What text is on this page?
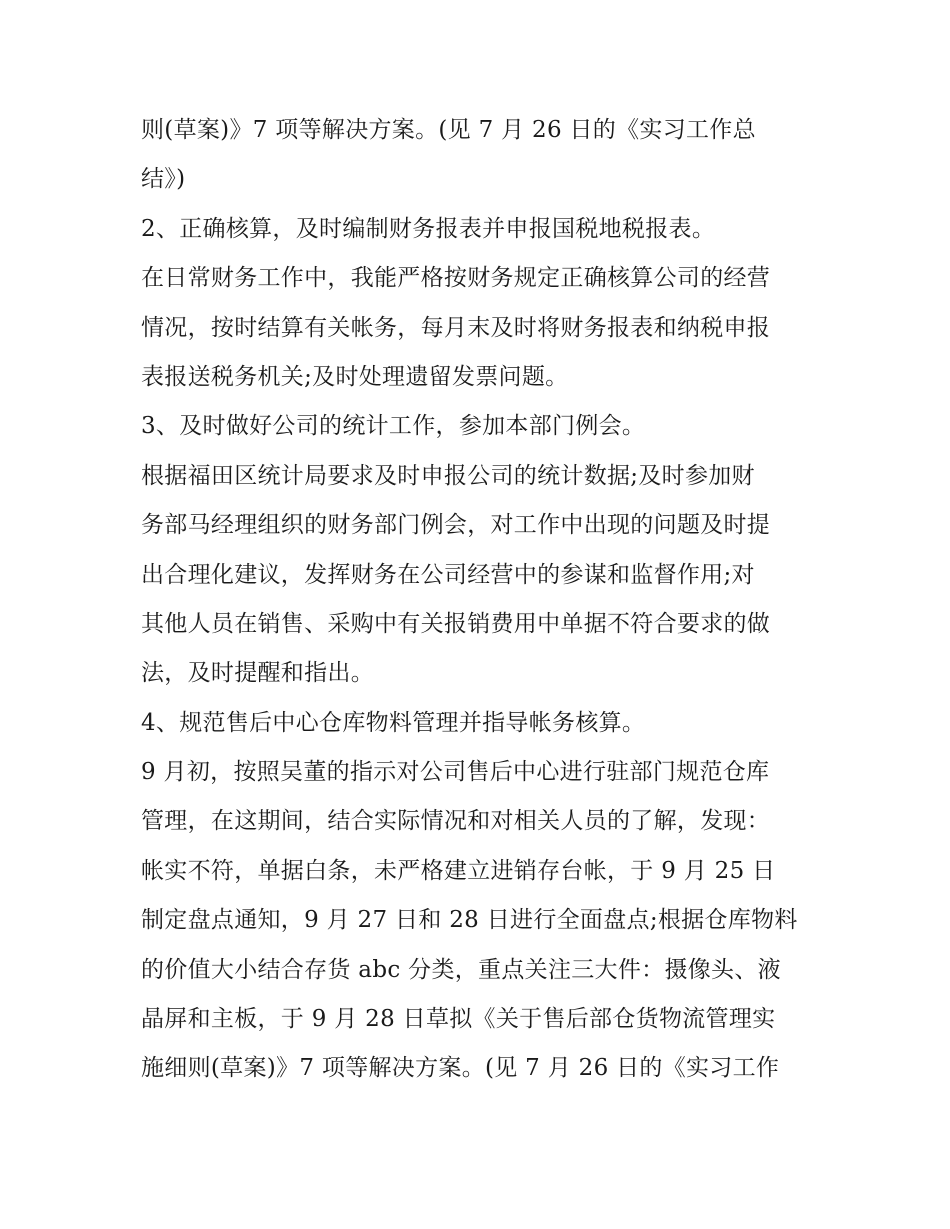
则(草案)》7 项等解决方案。(见 7 月 26 日的《实习工作总
结》)
2、正确核算，及时编制财务报表并申报国税地税报表。
在日常财务工作中，我能严格按财务规定正确核算公司的经营
情况，按时结算有关帐务，每月末及时将财务报表和纳税申报
表报送税务机关;及时处理遗留发票问题。
3、及时做好公司的统计工作，参加本部门例会。
根据福田区统计局要求及时申报公司的统计数据;及时参加财
务部马经理组织的财务部门例会，对工作中出现的问题及时提
出合理化建议，发挥财务在公司经营中的参谋和监督作用;对
其他人员在销售、采购中有关报销费用中单据不符合要求的做
法，及时提醒和指出。
4、规范售后中心仓库物料管理并指导帐务核算。
9 月初，按照吴董的指示对公司售后中心进行驻部门规范仓库
管理，在这期间，结合实际情况和对相关人员的了解，发现：
帐实不符，单据白条，未严格建立进销存台帐，于 9 月 25 日
制定盘点通知，9 月 27 日和 28 日进行全面盘点;根据仓库物料
的价值大小结合存货 abc 分类，重点关注三大件：摄像头、液
晶屏和主板，于 9 月 28 日草拟《关于售后部仓货物流管理实
施细则(草案)》7 项等解决方案。(见 7 月 26 日的《实习工作
